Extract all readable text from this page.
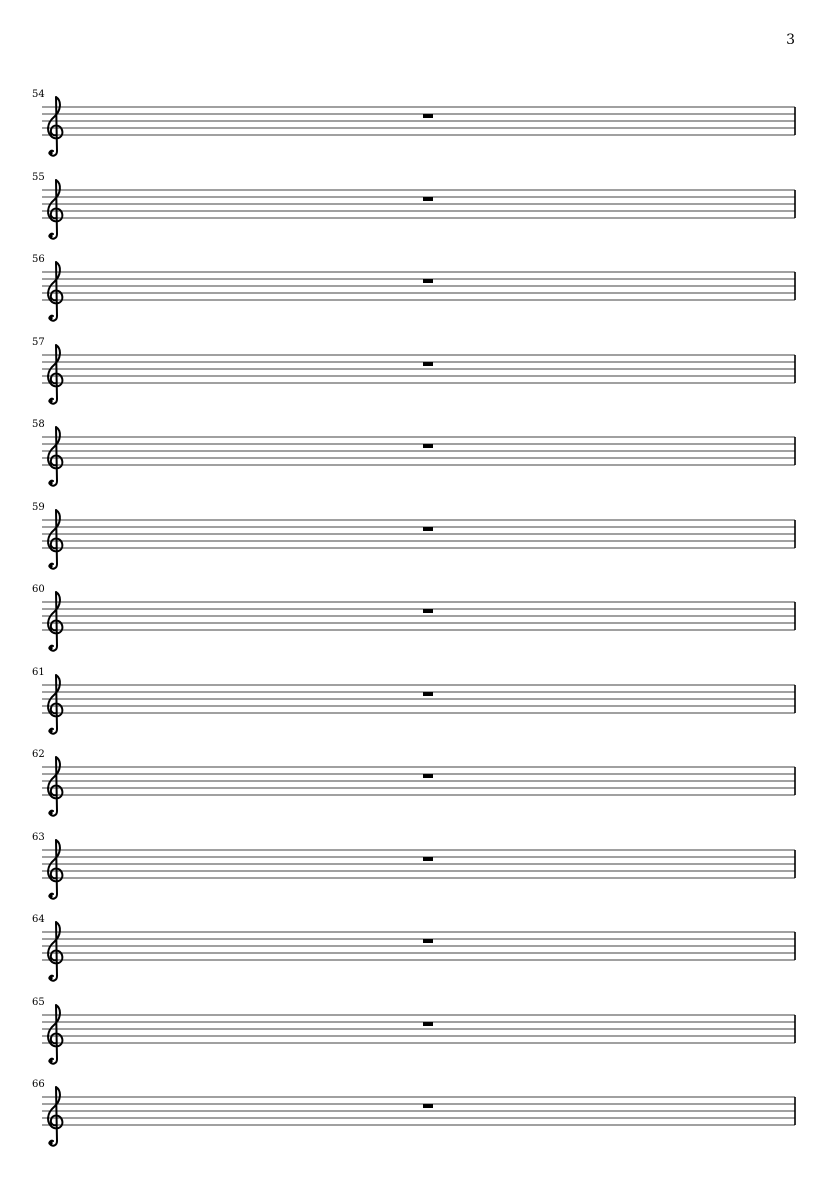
3
54
55
56
57
58
59
60
61
62
63
64
65
66
